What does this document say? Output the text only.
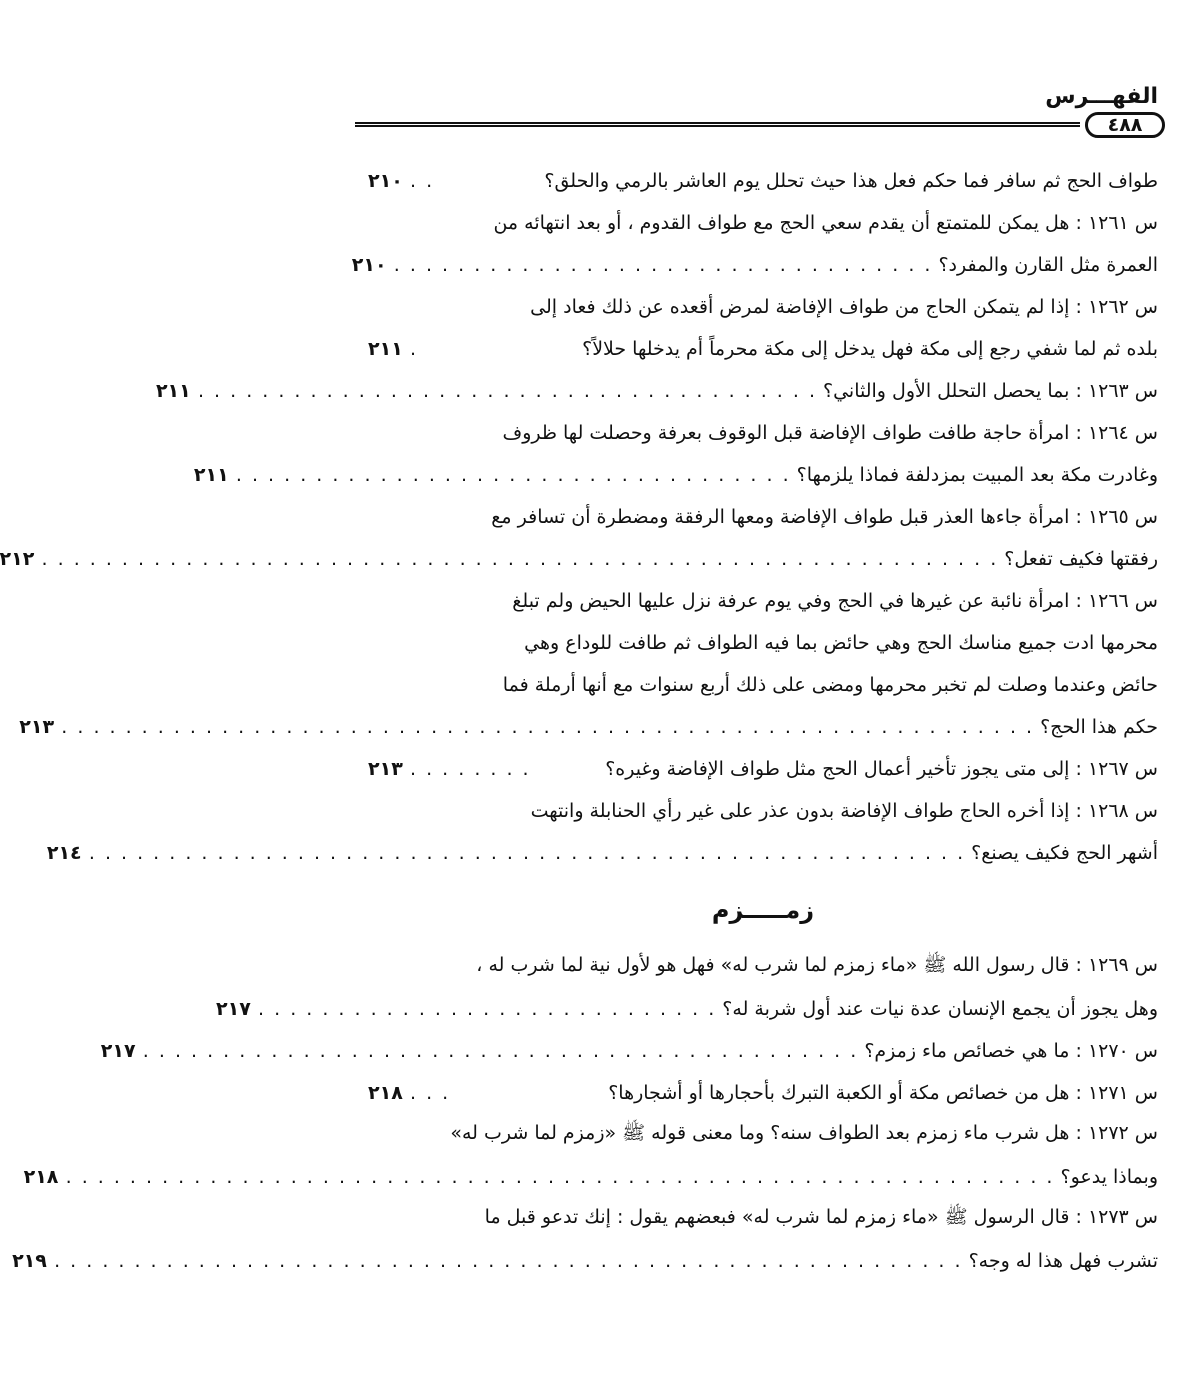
الفهـــرس
٤٨٨
طواف الحج ثم سافر فما حكم فعل هذا حيث تحلل يوم العاشر بالرمي والحلق؟
. .
٢١٠
س ١٢٦١ : هل يمكن للمتمتع أن يقدم سعي الحج مع طواف القدوم ، أو بعد انتهائه من
العمرة مثل القارن والمفرد؟
. . . . . . . . . . . . . . . . . . . . . . . . . . . . . . . . . .
٢١٠
س ١٢٦٢ : إذا لم يتمكن الحاج من طواف الإفاضة لمرض أقعده عن ذلك فعاد إلى
بلده ثم لما شفي رجع إلى مكة فهل يدخل إلى مكة محرماً أم يدخلها حلالاً؟
.
٢١١
س ١٢٦٣ : بما يحصل التحلل الأول والثاني؟
. . . . . . . . . . . . . . . . . . . . . . . . . . . . . . . . . . . . . . .
٢١١
س ١٢٦٤ : امرأة حاجة طافت طواف الإفاضة قبل الوقوف بعرفة وحصلت لها ظروف
وغادرت مكة بعد المبيت بمزدلفة فماذا يلزمها؟
. . . . . . . . . . . . . . . . . . . . . . . . . . . . . . . . . . .
٢١١
س ١٢٦٥ : امرأة جاءها العذر قبل طواف الإفاضة ومعها الرفقة ومضطرة أن تسافر مع
رفقتها فكيف تفعل؟
. . . . . . . . . . . . . . . . . . . . . . . . . . . . . . . . . . . . . . . . . . . . . . . . . . . . . . . . . . . .
٢١٢
س ١٢٦٦ : امرأة نائبة عن غيرها في الحج وفي يوم عرفة نزل عليها الحيض ولم تبلغ
محرمها ادت جميع مناسك الحج وهي حائض بما فيه الطواف ثم طافت للوداع وهي
حائض وعندما وصلت لم تخبر محرمها ومضى على ذلك أربع سنوات مع أنها أرملة فما
حكم هذا الحج؟
. . . . . . . . . . . . . . . . . . . . . . . . . . . . . . . . . . . . . . . . . . . . . . . . . . . . . . . . . . . . .
٢١٣
س ١٢٦٧ : إلى متى يجوز تأخير أعمال الحج مثل طواف الإفاضة وغيره؟
. . . . . . . .
٢١٣
س ١٢٦٨ : إذا أخره الحاج طواف الإفاضة بدون عذر على غير رأي الحنابلة وانتهت
أشهر الحج فكيف يصنع؟
. . . . . . . . . . . . . . . . . . . . . . . . . . . . . . . . . . . . . . . . . . . . . . . . . . . . . . .
٢١٤
زمـــــزم
س ١٢٦٩ : قال رسول الله ﷺ «ماء زمزم لما شرب له» فهل هو لأول نية لما شرب له ،
وهل يجوز أن يجمع الإنسان عدة نيات عند أول شربة له؟
. . . . . . . . . . . . . . . . . . . . . . . . . . . . .
٢١٧
س ١٢٧٠ : ما هي خصائص ماء زمزم؟
. . . . . . . . . . . . . . . . . . . . . . . . . . . . . . . . . . . . . . . . . . . . .
٢١٧
س ١٢٧١ : هل من خصائص مكة أو الكعبة التبرك بأحجارها أو أشجارها؟
. . .
٢١٨
س ١٢٧٢ : هل شرب ماء زمزم بعد الطواف سنه؟ وما معنى قوله ﷺ «زمزم لما شرب له»
وبماذا يدعو؟
. . . . . . . . . . . . . . . . . . . . . . . . . . . . . . . . . . . . . . . . . . . . . . . . . . . . . . . . . . . . . .
٢١٨
س ١٢٧٣ : قال الرسول ﷺ «ماء زمزم لما شرب له» فبعضهم يقول : إنك تدعو قبل ما
تشرب فهل هذا له وجه؟
. . . . . . . . . . . . . . . . . . . . . . . . . . . . . . . . . . . . . . . . . . . . . . . . . . . . . . . . .
٢١٩
